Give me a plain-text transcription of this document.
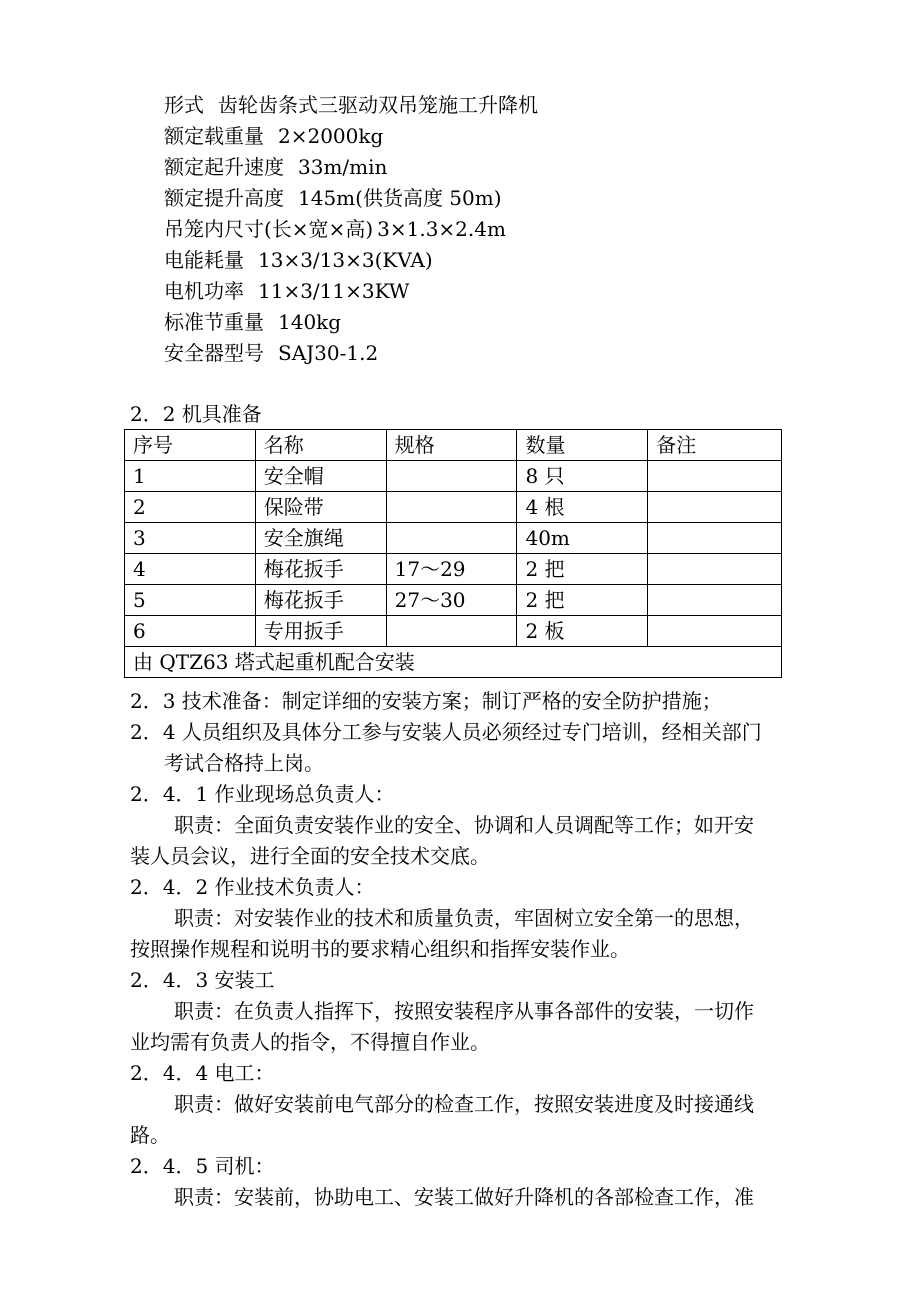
形式 齿轮齿条式三驱动双吊笼施工升降机
额定载重量 2×2000kg
额定起升速度 33m/min
额定提升高度 145m(供货高度 50m)
吊笼内尺寸(长×宽×高) 3×1.3×2.4m
电能耗量 13×3/13×3(KVA)
电机功率 11×3/11×3KW
标准节重量 140kg
安全器型号 SAJ30-1.2
2．2 机具准备
序号	名称	规格	数量	备注
1	安全帽		8 只	
2	保险带		4 根	
3	安全旗绳		40m	
4	梅花扳手	17～29	2 把	
5	梅花扳手	27～30	2 把	
6	专用扳手		2 板	
由 QTZ63 塔式起重机配合安装				
2．3 技术准备：制定详细的安装方案；制订严格的安全防护措施；
2．4 人员组织及具体分工参与安装人员必须经过专门培训，经相关部门
考试合格持上岗。
2．4．1 作业现场总负责人：
职责：全面负责安装作业的安全、协调和人员调配等工作；如开安
装人员会议，进行全面的安全技术交底。
2．4．2 作业技术负责人：
职责：对安装作业的技术和质量负责，牢固树立安全第一的思想，
按照操作规程和说明书的要求精心组织和指挥安装作业。
2．4．3 安装工
职责：在负责人指挥下，按照安装程序从事各部件的安装，一切作
业均需有负责人的指令，不得擅自作业。
2．4．4 电工：
职责：做好安装前电气部分的检查工作，按照安装进度及时接通线
路。
2．4．5 司机：
职责：安装前，协助电工、安装工做好升降机的各部检查工作，准
